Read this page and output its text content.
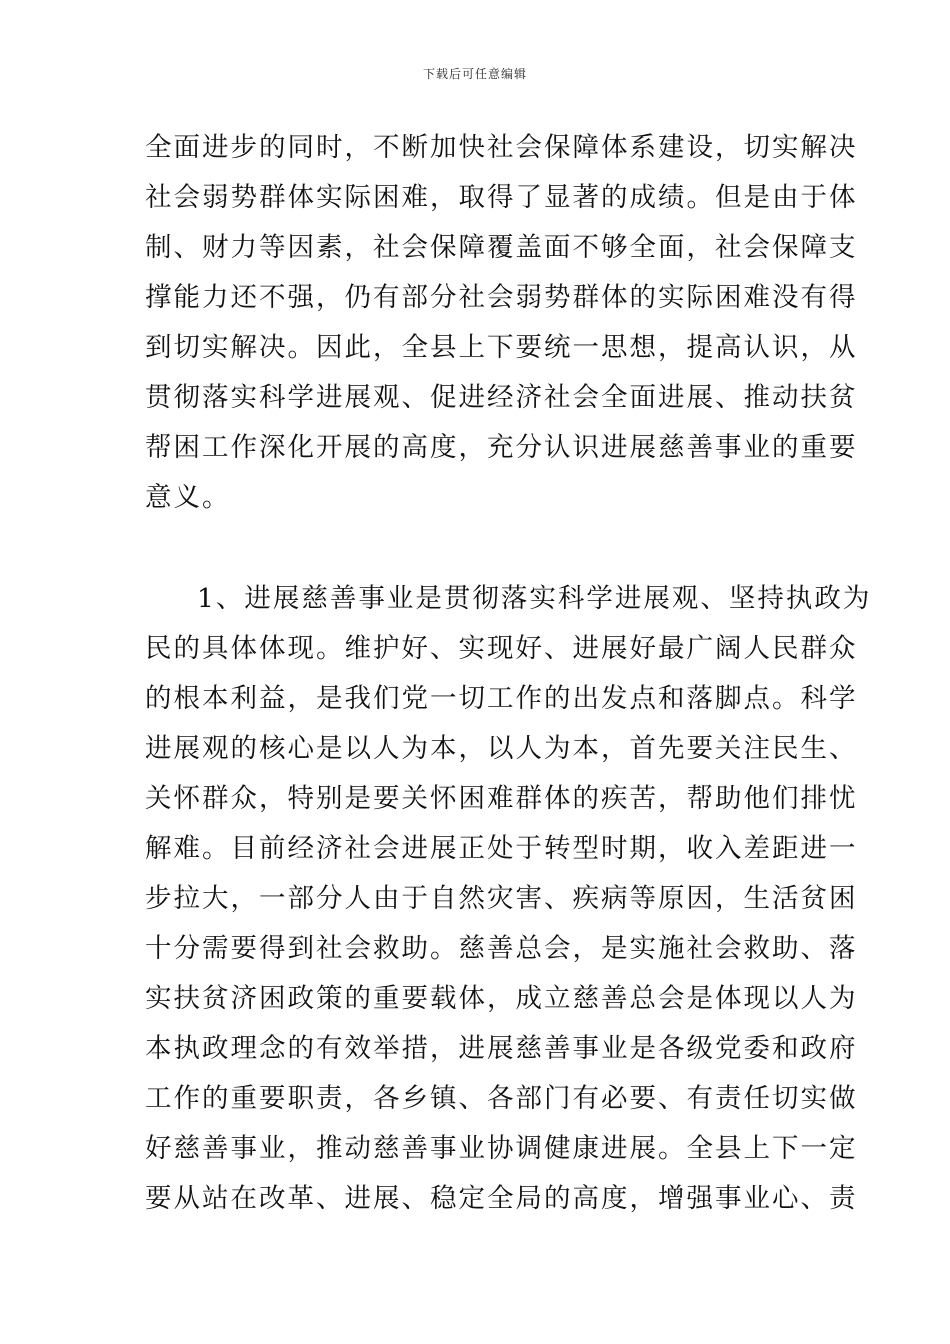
下载后可任意编辑
全面进步的同时，不断加快社会保障体系建设，切实解决
社会弱势群体实际困难，取得了显著的成绩。但是由于体
制、财力等因素，社会保障覆盖面不够全面，社会保障支
撑能力还不强，仍有部分社会弱势群体的实际困难没有得
到切实解决。因此，全县上下要统一思想，提高认识，从
贯彻落实科学进展观、促进经济社会全面进展、推动扶贫
帮困工作深化开展的高度，充分认识进展慈善事业的重要
意义。
1、进展慈善事业是贯彻落实科学进展观、坚持执政为
民的具体体现。维护好、实现好、进展好最广阔人民群众
的根本利益，是我们党一切工作的出发点和落脚点。科学
进展观的核心是以人为本，以人为本，首先要关注民生、
关怀群众，特别是要关怀困难群体的疾苦，帮助他们排忧
解难。目前经济社会进展正处于转型时期，收入差距进一
步拉大，一部分人由于自然灾害、疾病等原因，生活贫困
十分需要得到社会救助。慈善总会，是实施社会救助、落
实扶贫济困政策的重要载体，成立慈善总会是体现以人为
本执政理念的有效举措，进展慈善事业是各级党委和政府
工作的重要职责，各乡镇、各部门有必要、有责任切实做
好慈善事业，推动慈善事业协调健康进展。全县上下一定
要从站在改革、进展、稳定全局的高度，增强事业心、责
